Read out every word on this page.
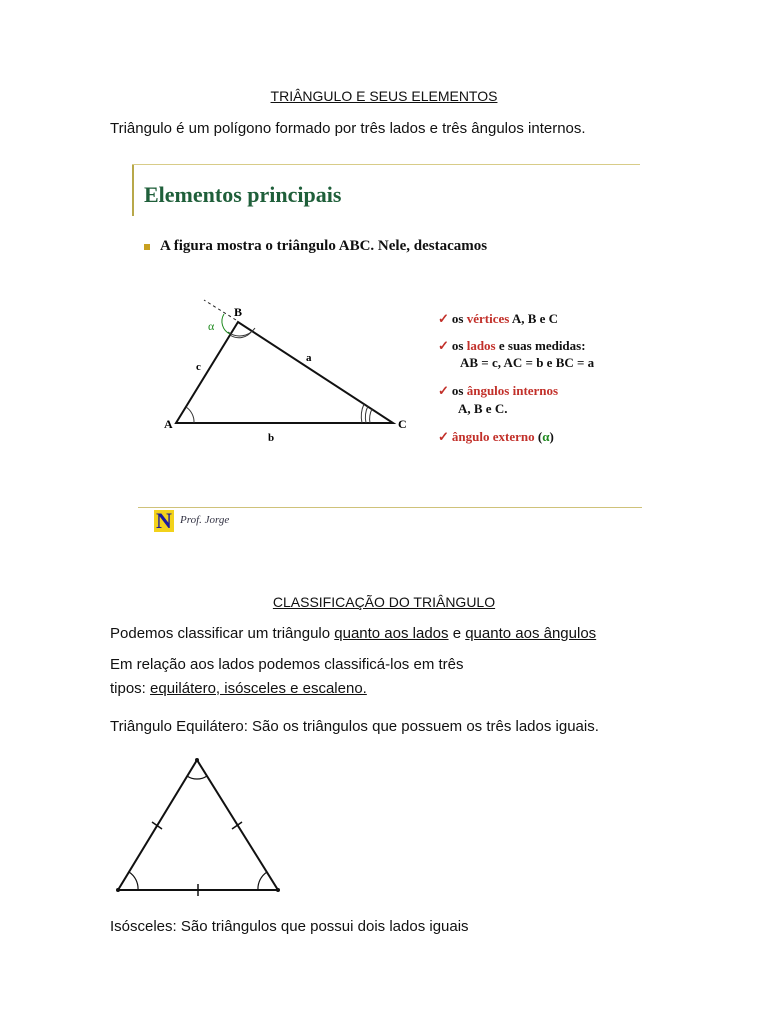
TRIÂNGULO E SEUS ELEMENTOS
Triângulo é um polígono formado por três lados e três ângulos internos.
Elementos principais
A figura mostra o triângulo ABC. Nele, destacamos
B
A	C
a
b
c
α	✓ os vértices A, B e C
✓ os lados e suas medidas:
AB = c, AC = b e BC = a
✓ os ângulos internos
A, B e C.
✓ ângulo externo (α)
N Prof. Jorge
CLASSIFICAÇÃO DO TRIÂNGULO
Podemos classificar um triângulo quanto aos lados e quanto aos ângulos
Em relação aos lados podemos classificá-los em três
tipos: equilátero, isósceles e escaleno.
Triângulo Equilátero: São os triângulos que possuem os três lados iguais.
Isósceles: São triângulos que possui dois lados iguais
